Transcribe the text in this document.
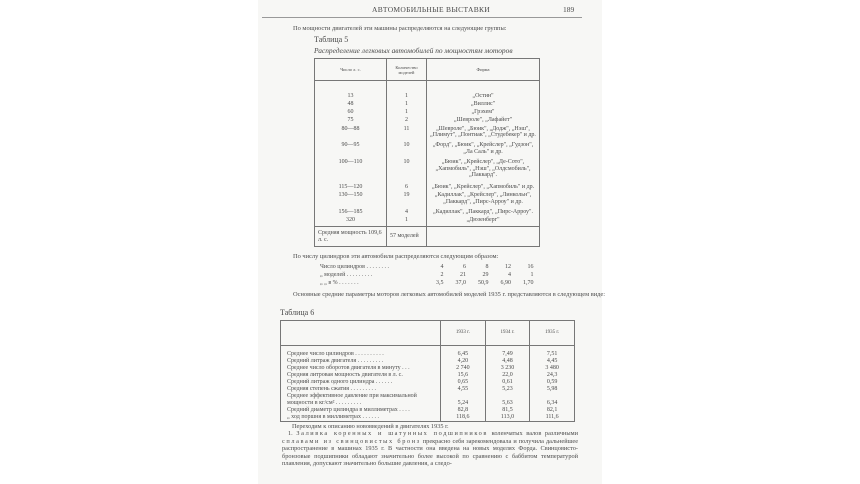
АВТОМОБИЛЬНЫЕ ВЫСТАВКИ	189
По мощности двигателей эти машины распределяются на следующие группы:
Таблица 5
Распределение легковых автомобилей по мощностям моторов
Число л. с.	Количество моделей	Фирма

13	1	„Остин"
48	1	„Виллис"
60	1	„Грэхем"
75	2	„Шевроле", „Лафайет"
80—88	11	„Шевроле", „Бюик", „Додж", „Нэш", „Плимут", „Понтиак", „Студебекер" и др.
90—95	10	„Форд", „Бюик", „Крейслер", „Гудзон", „Ла Саль" и др.
100—110	10	„Бюик", „Крейслер", „Де-Сото", „Хапмобиль", „Нэш", „Олдсмобиль", „Паккард".
115—120	6	„Бюик", „Крейслер", „Хапмобиль" и др.
130—150	19	„Кадиллак", „Крейслер", „Линкольн", „Паккард", „Пирс-Арроу" и др.
156—185	4	„Кадиллак", „Паккард", „Пирс-Арроу".
320	1	„Дюзенберг"

Средняя мощность 109,6 л. с.	57 моделей	
По числу цилиндров эти автомобили распределяются следующим образом:
Число цилиндров . . . . . . . .	4	6	8	12	16
„ моделей . . . . . . . . .	2	21	29	4	1
„ „ в % . . . . . . .	3,5	37,0	50,9	6,90	1,70
Основные средние параметры моторов легковых автомобилей моделей 1935 г. представляются в следующем виде:
Таблица 6
	1933 г.	1934 г.	1935 г.

Среднее число цилиндров . . . . . . . . . .	6,45	7,49	7,51
Средний литраж двигателя . . . . . . . . .	4,20	4,48	4,45
Среднее число оборотов двигателя в минуту . . .	2 740	3 230	3 480
Средняя литровая мощность двигателя в л. с.	15,6	22,0	24,3
Средний литраж одного цилиндра . . . . . .	0,65	0,61	0,59
Средняя степень сжатия . . . . . . . . .	4,55	5,23	5,98
Среднее эффективное давление при максимальной мощности в кг/см² . . . . . . . . .	5,24	5,63	6,34
Средний диаметр цилиндра в миллиметрах . . . .	82,8	81,5	82,1
„ ход поршня в миллиметрах . . . . . .	118,6	113,0	111,6

Переходим к описанию нововведений в двигателях 1935 г.
1. Заливка коренных и шатунных подшипников коленчатых валов различными сплавами из свинцовистых бронз прекрасно себя зарекомендовала и получила дальнейшее распространение в машинах 1935 г. В частности она введена на новых моделях Форда. Свинцовисто-бронзовые подшипники обладают значительно более высокой по сравнению с баббитом температурой плавления, допускают значительно большие давления, а следо-
